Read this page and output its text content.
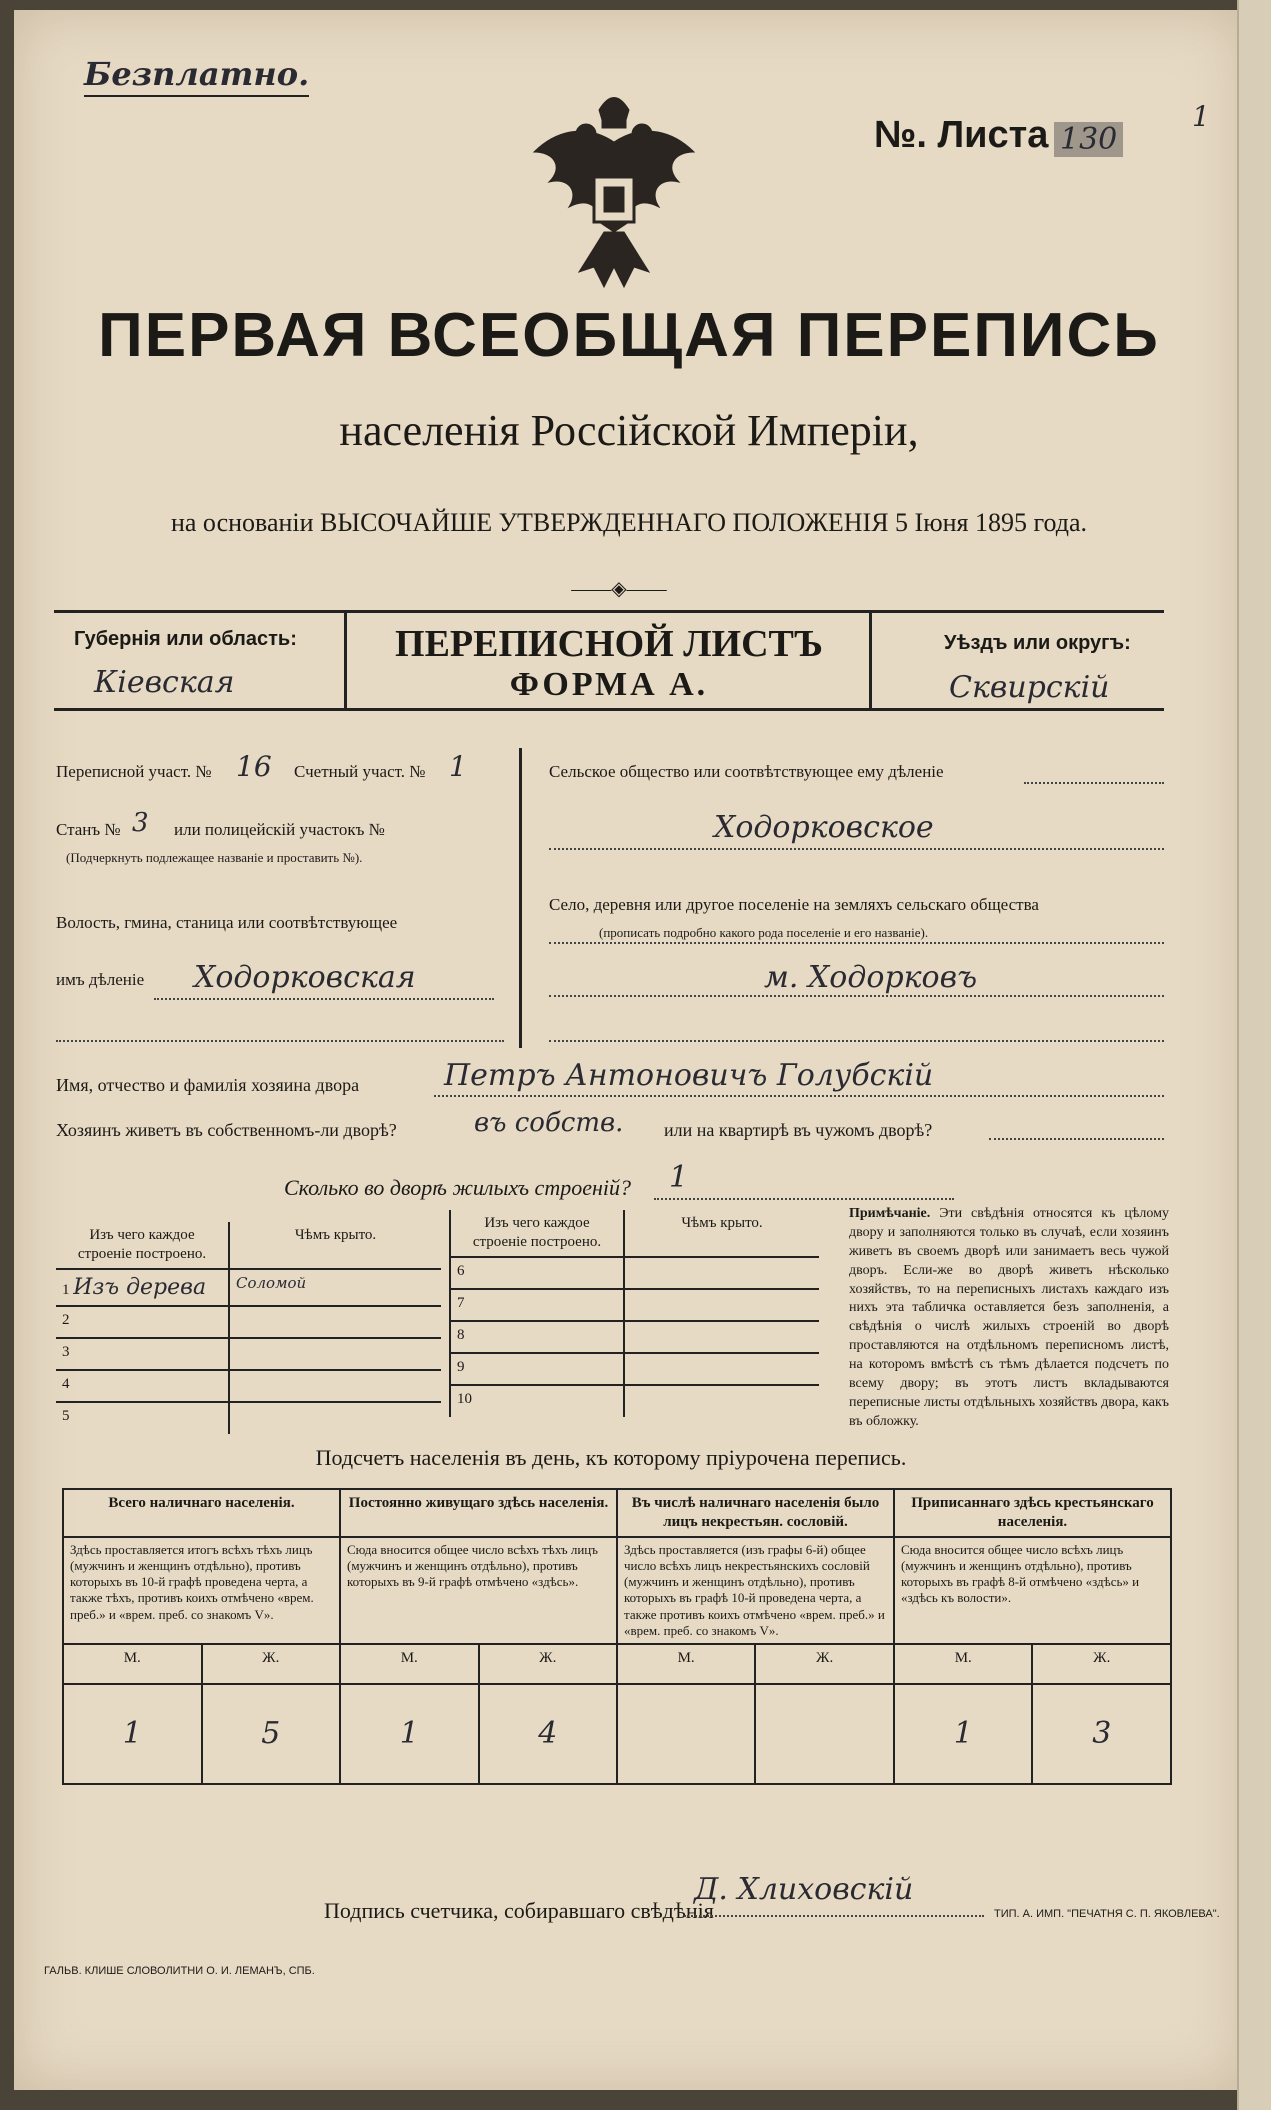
Безплатно.
№. Листа 130
1
ПЕРВАЯ ВСЕОБЩАЯ ПЕРЕПИСЬ
населенія Россійской Имперіи,
на основаніи ВЫСОЧАЙШЕ УТВЕРЖДЕННАГО ПОЛОЖЕНІЯ 5 Іюня 1895 года.
——◈——
Губернія или область:
Кіевская
ПЕРЕПИСНОЙ ЛИСТЪ
ФОРМА А.
Уѣздъ или округъ:
Сквирскій
Переписной участ. № 16 Счетный участ. № 1
Станъ № 3 или полицейскій участокъ №
(Подчеркнуть подлежащее названіе и проставить №).
Волость, гмина, станица или соотвѣтствующее
имъ дѣленіе Ходорковская
Сельское общество или соотвѣтствующее ему дѣленіе
Ходорковское
Село, деревня или другое поселеніе на земляхъ сельскаго общества
(прописать подробно какого рода поселеніе и его названіе).
м. Ходорковъ
Имя, отчество и фамилія хозяина двора	Петръ Антоновичъ Голубскій
Хозяинъ живетъ въ собственномъ-ли дворѣ?	въ собств. или на квартирѣ въ чужомъ дворѣ?
Сколько во дворѣ жилыхъ строеній? 1
Изъ чего каждое строеніе построено.	Чѣмъ крыто.
1 Изъ дерева	Соломой
2	
3	
4	
5	
Изъ чего каждое строеніе построено.	Чѣмъ крыто.
6	
7	
8	
9	
10	
Примѣчаніе. Эти свѣдѣнія относятся къ цѣлому двору и заполняются только въ случаѣ, если хозяинъ живетъ въ своемъ дворѣ или занимаетъ весь чужой дворъ. Если-же во дворѣ живетъ нѣсколько хозяйствъ, то на переписныхъ листахъ каждаго изъ нихъ эта табличка оставляется безъ заполненія, а свѣдѣнія о числѣ жилыхъ строеній во дворѣ проставляются на отдѣльномъ переписномъ листѣ, на которомъ вмѣстѣ съ тѣмъ дѣлается подсчетъ по всему двору; въ этотъ листъ вкладываются переписные листы отдѣльныхъ хозяйствъ двора, какъ въ обложку.
Подсчетъ населенія въ день, къ которому пріурочена перепись.
Всего наличнаго населенія.		Постоянно живущаго здѣсь населенія.		Въ числѣ наличнаго населенія было лицъ некрестьян. сословій.		Приписаннаго здѣсь крестьянскаго населенія.	
Здѣсь проставляется итогъ всѣхъ тѣхъ лицъ (мужчинъ и женщинъ отдѣльно), противъ которыхъ въ 10-й графѣ проведена черта, а также тѣхъ, противъ коихъ отмѣчено «врем. преб.» и «врем. преб. со знакомъ V».		Сюда вносится общее число всѣхъ тѣхъ лицъ (мужчинъ и женщинъ отдѣльно), противъ которыхъ въ 9-й графѣ отмѣчено «здѣсь».		Здѣсь проставляется (изъ графы 6-й) общее число всѣхъ лицъ некрестьянскихъ сословій (мужчинъ и женщинъ отдѣльно), противъ которыхъ въ графѣ 10-й проведена черта, а также противъ коихъ отмѣчено «врем. преб.» и «врем. преб. со знакомъ V».		Сюда вносится общее число всѣхъ лицъ (мужчинъ и женщинъ отдѣльно), противъ которыхъ въ графѣ 8-й отмѣчено «здѣсь» и «здѣсь къ волости».	
М.	Ж.	М.	Ж.	М.	Ж.	М.	Ж.
1	5	1	4			1	3
Подпись счетчика, собиравшаго свѣдѣнія
Д. Хлиховскій
ГАЛЬВ. КЛИШЕ СЛОВОЛИТНИ О. И. ЛЕМАНЪ, СПБ.
ТИП. А. ИМП. "ПЕЧАТНЯ С. П. ЯКОВЛЕВА".
